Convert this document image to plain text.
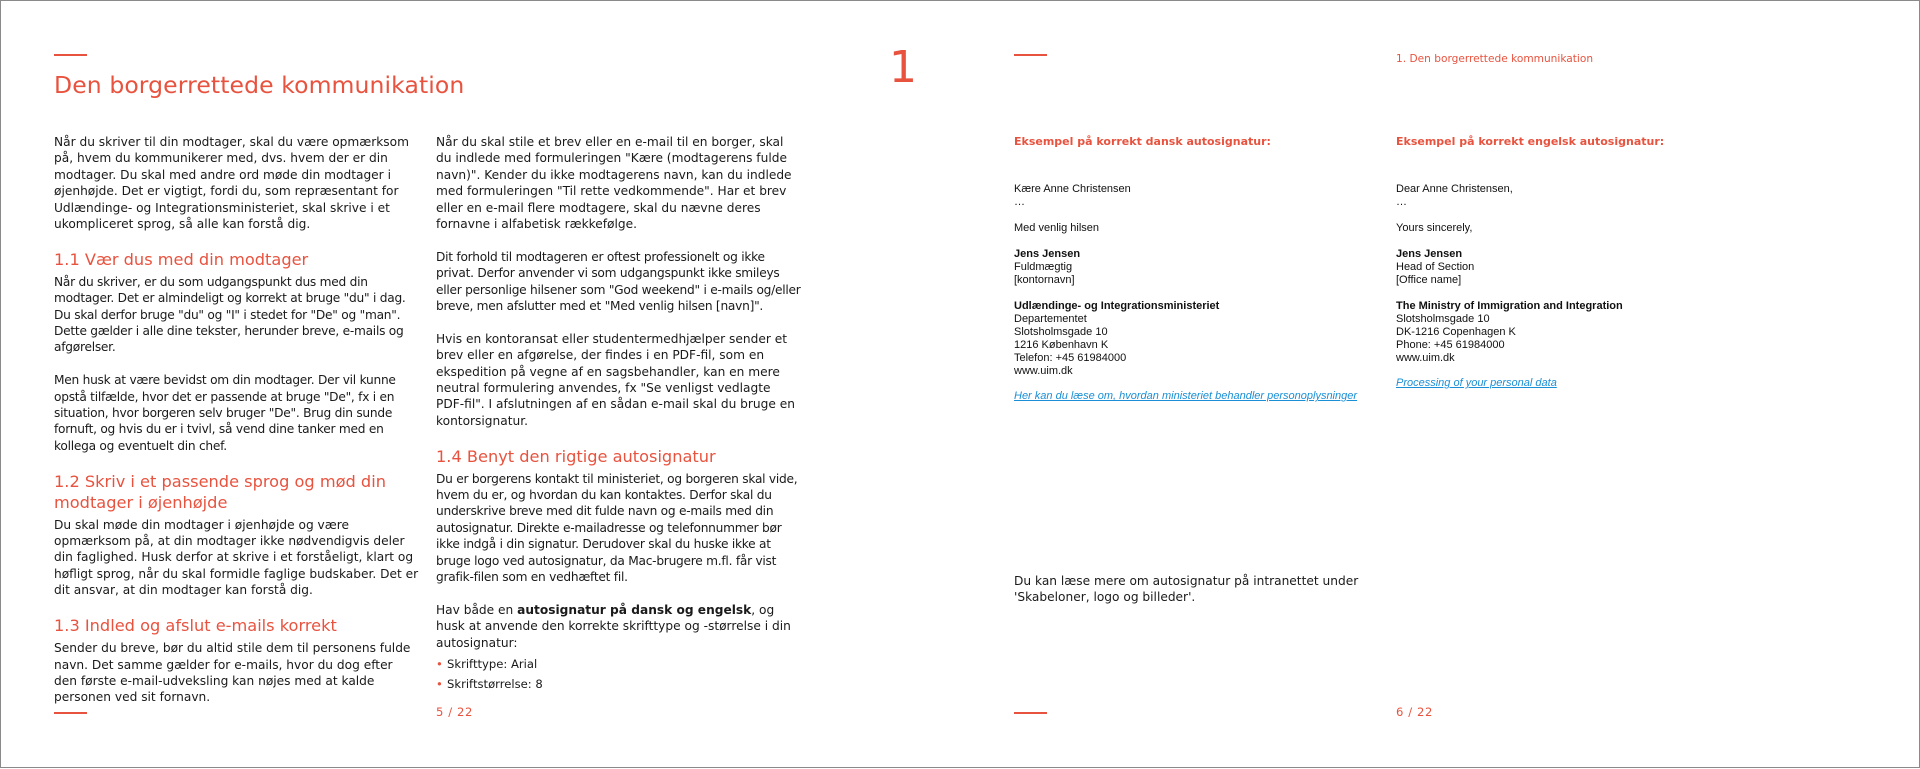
Den borgerrettede kommunikation	1

Når du skriver til din modtager, skal du være opmærksom på, hvem du kommunikerer med, dvs. hvem der er din modtager. Du skal med andre ord møde din modtager i øjenhøjde. Det er vigtigt, fordi du, som repræsentant for Udlændinge- og Integrationsministeriet, skal skrive i et ukompliceret sprog, så alle kan forstå dig.

1.1 Vær dus med din modtager

Når du skriver, er du som udgangspunkt dus med din modtager. Det er almindeligt og korrekt at bruge "du" i dag. Du skal derfor bruge "du" og "I" i stedet for "De" og "man". Dette gælder i alle dine tekster, herunder breve, e-mails og afgørelser.

Men husk at være bevidst om din modtager. Der vil kunne opstå tilfælde, hvor det er passende at bruge "De", fx i en situation, hvor borgeren selv bruger "De". Brug din sunde fornuft, og hvis du er i tvivl, så vend dine tanker med en kollega og eventuelt din chef.

1.2 Skriv i et passende sprog og mød din modtager i øjenhøjde

Du skal møde din modtager i øjenhøjde og være opmærksom på, at din modtager ikke nødvendigvis deler din faglighed. Husk derfor at skrive i et forståeligt, klart og høfligt sprog, når du skal formidle faglige budskaber. Det er dit ansvar, at din modtager kan forstå dig.

1.3 Indled og afslut e-mails korrekt

Sender du breve, bør du altid stile dem til personens fulde navn. Det samme gælder for e-mails, hvor du dog efter den første e-mail-udveksling kan nøjes med at kalde personen ved sit fornavn.

Når du skal stile et brev eller en e-mail til en borger, skal du indlede med formuleringen "Kære (modtagerens fulde navn)". Kender du ikke modtagerens navn, kan du indlede med formuleringen "Til rette vedkommende". Har et brev eller en e-mail flere modtagere, skal du nævne deres fornavne i alfabetisk rækkefølge.

Dit forhold til modtageren er oftest professionelt og ikke privat. Derfor anvender vi som udgangspunkt ikke smileys eller personlige hilsener som "God weekend" i e-mails og/eller breve, men afslutter med et "Med venlig hilsen [navn]".

Hvis en kontoransat eller studentermedhjælper sender et brev eller en afgørelse, der findes i en PDF-fil, som en ekspedition på vegne af en sagsbehandler, kan en mere neutral formulering anvendes, fx "Se venligst vedlagte PDF-fil". I afslutningen af en sådan e-mail skal du bruge en kontorsignatur.

1.4 Benyt den rigtige autosignatur

Du er borgerens kontakt til ministeriet, og borgeren skal vide, hvem du er, og hvordan du kan kontaktes. Derfor skal du underskrive breve med dit fulde navn og e-mails med din autosignatur. Direkte e-mailadresse og telefonnummer bør ikke indgå i din signatur. Derudover skal du huske ikke at bruge logo ved autosignatur, da Mac-brugere m.fl. får vist grafik-filen som en vedhæftet fil.

Hav både en autosignatur på dansk og engelsk, og husk at anvende den korrekte skrifttype og -størrelse i din autosignatur:

• Skrifttype: Arial
• Skriftstørrelse: 8
5 / 22
1. Den borgerrettede kommunikation
Eksempel på korrekt dansk autosignatur:
Kære Anne Christensen
…
Med venlig hilsen
Jens Jensen
Fuldmægtig
[kontornavn]
Udlændinge- og Integrationsministeriet
Departementet
Slotsholmsgade 10
1216 København K
Telefon: +45 61984000
www.uim.dk
Her kan du læse om, hvordan ministeriet behandler personoplysninger
Eksempel på korrekt engelsk autosignatur:
Dear Anne Christensen,
…
Yours sincerely,
Jens Jensen
Head of Section
[Office name]
The Ministry of Immigration and Integration
Slotsholmsgade 10
DK-1216 Copenhagen K
Phone: +45 61984000
www.uim.dk
Processing of your personal data

Du kan læse mere om autosignatur på intranettet under 'Skabeloner, logo og billeder'.

6 / 22
